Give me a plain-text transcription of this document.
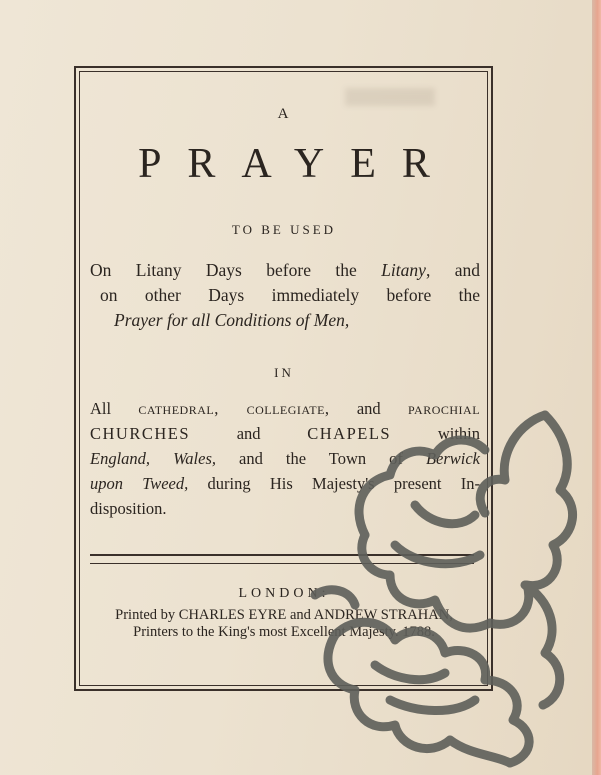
A
PRAYER
TO BE USED
On Litany Days before the Litany, and
on other Days immediately before the
Prayer for all Conditions of Men,
IN
All cathedral, collegiate, and parochial
CHURCHES	and	CHAPELS	within
England, Wales, and the Town of Berwick
upon Tweed, during His Majesty's present In-
disposition.
LONDON:
Printed by CHARLES EYRE and ANDREW STRAHAN,
Printers to the King's most Excellent Majesty. 1788.
